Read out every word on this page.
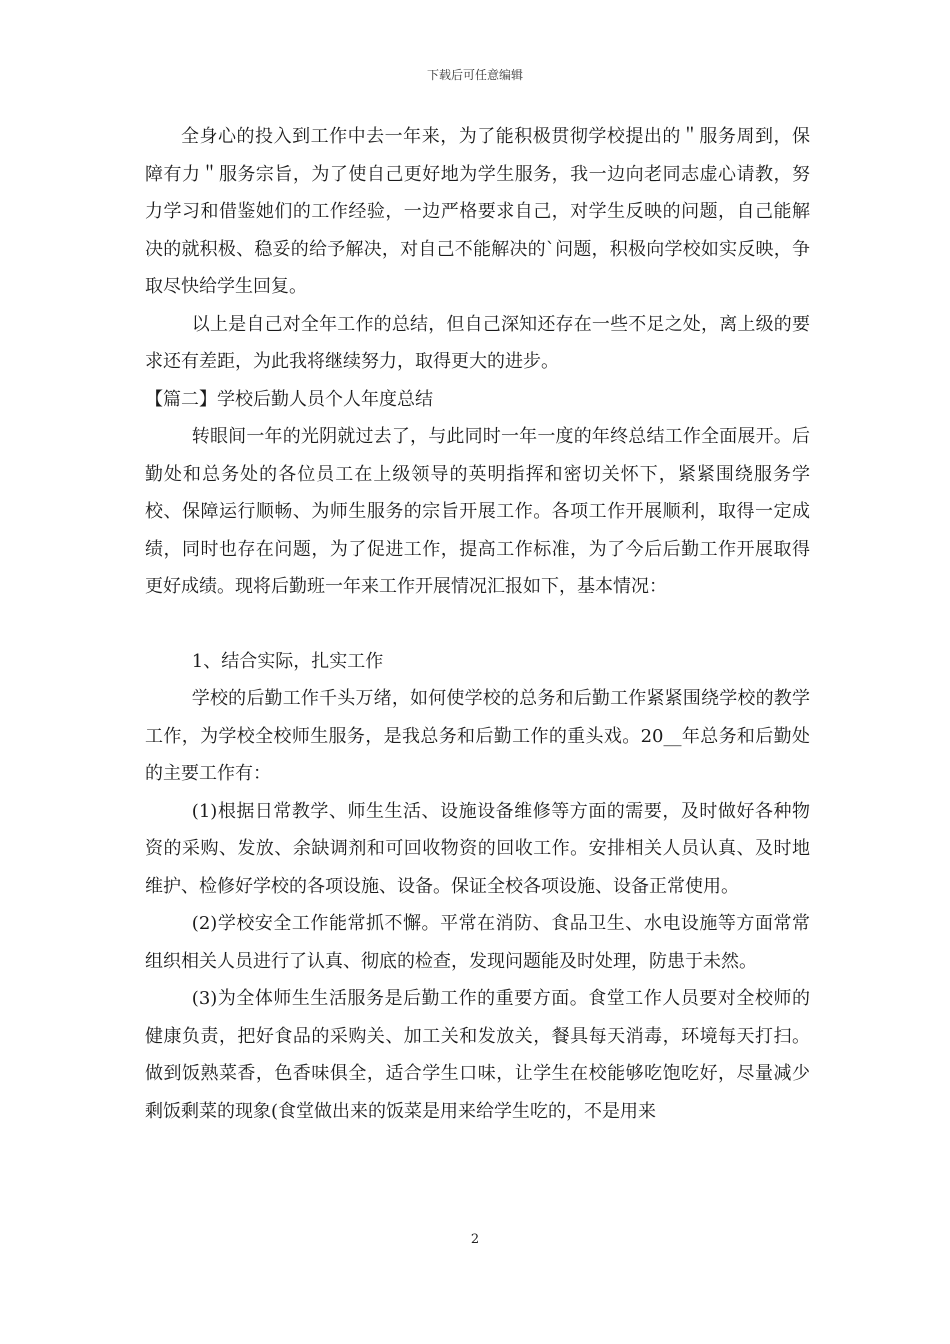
下载后可任意编辑

全身心的投入到工作中去一年来，为了能积极贯彻学校提出的＂服务周到，保障有力＂服务宗旨，为了使自己更好地为学生服务，我一边向老同志虚心请教，努力学习和借鉴她们的工作经验，一边严格要求自己，对学生反映的问题，自己能解决的就积极、稳妥的给予解决，对自己不能解决的`问题，积极向学校如实反映，争取尽快给学生回复。

以上是自己对全年工作的总结，但自己深知还存在一些不足之处，离上级的要求还有差距，为此我将继续努力，取得更大的进步。

【篇二】学校后勤人员个人年度总结

转眼间一年的光阴就过去了，与此同时一年一度的年终总结工作全面展开。后勤处和总务处的各位员工在上级领导的英明指挥和密切关怀下，紧紧围绕服务学校、保障运行顺畅、为师生服务的宗旨开展工作。各项工作开展顺利，取得一定成绩，同时也存在问题，为了促进工作，提高工作标准，为了今后后勤工作开展取得更好成绩。现将后勤班一年来工作开展情况汇报如下，基本情况：

1、结合实际，扎实工作

学校的后勤工作千头万绪，如何使学校的总务和后勤工作紧紧围绕学校的教学工作，为学校全校师生服务，是我总务和后勤工作的重头戏。20__年总务和后勤处的主要工作有：

(1)根据日常教学、师生生活、设施设备维修等方面的需要，及时做好各种物资的采购、发放、余缺调剂和可回收物资的回收工作。安排相关人员认真、及时地维护、检修好学校的各项设施、设备。保证全校各项设施、设备正常使用。

(2)学校安全工作能常抓不懈。平常在消防、食品卫生、水电设施等方面常常组织相关人员进行了认真、彻底的检查，发现问题能及时处理，防患于未然。

(3)为全体师生生活服务是后勤工作的重要方面。食堂工作人员要对全校师的健康负责，把好食品的采购关、加工关和发放关，餐具每天消毒，环境每天打扫。做到饭熟菜香，色香味俱全，适合学生口味，让学生在校能够吃饱吃好，尽量减少剩饭剩菜的现象(食堂做出来的饭菜是用来给学生吃的，不是用来

2
